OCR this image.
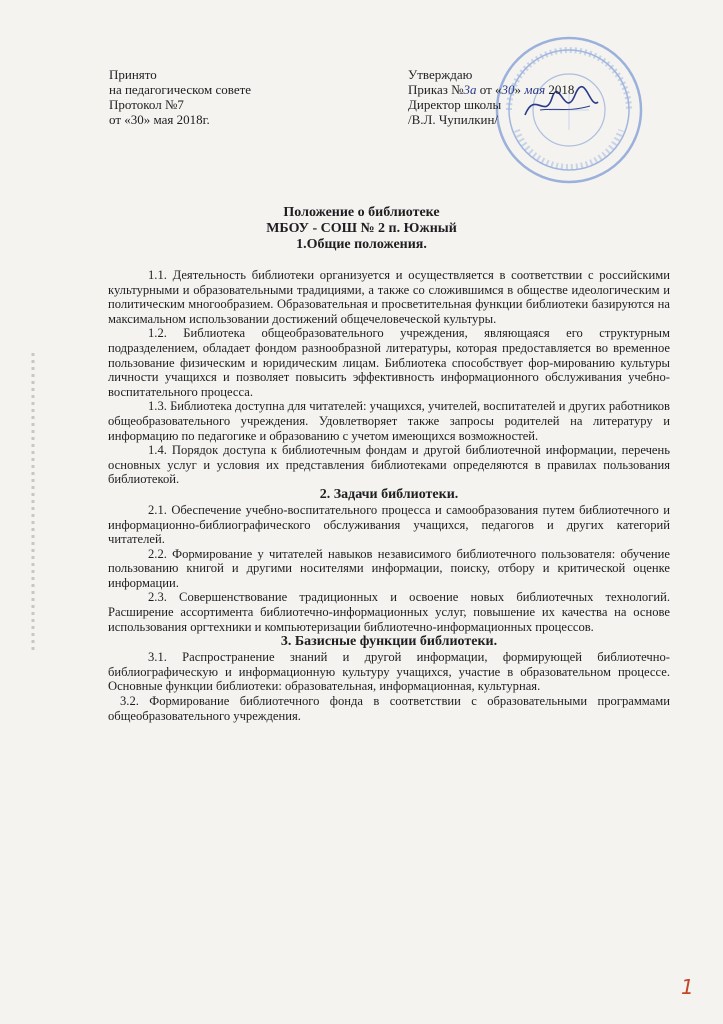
Принято
на педагогическом совете
Протокол №7
от «30» мая 2018г.
Утверждаю
Приказ №3а от «30» мая 2018
Директор школы
/В.Л. Чупилкин/
Положение о библиотеке
МБОУ - СОШ № 2 п. Южный
1.Общие положения.

1.1. Деятельность библиотеки организуется и осуществляется в соответствии с российскими культурными и образовательными традициями, а также со сложившимся в обществе идеологическим и политическим многообразием. Образовательная и просветительная функции библиотеки базируются на максимальном использовании достижений общечеловеческой культуры.

1.2. Библиотека общеобразовательного учреждения, являющаяся его структурным подразделением, обладает фондом разнообразной литературы, которая предоставляется во временное пользование физическим и юридическим лицам. Библиотека способствует фор-мированию культуры личности учащихся и позволяет повысить эффективность информационного обслуживания учебно-воспитательного процесса.

1.3. Библиотека доступна для читателей: учащихся, учителей, воспитателей и других работников общеобразовательного учреждения. Удовлетворяет также запросы родителей на литературу и информацию по педагогике и образованию с учетом имеющихся возможностей.

1.4. Порядок доступа к библиотечным фондам и другой библиотечной информации, перечень основных услуг и условия их представления библиотеками определяются в правилах пользования библиотекой.

2. Задачи библиотеки.

2.1. Обеспечение учебно-воспитательного процесса и самообразования путем библиотечного и информационно-библиографического обслуживания учащихся, педагогов и других категорий читателей.

2.2. Формирование у читателей навыков независимого библиотечного пользователя: обучение пользованию книгой и другими носителями информации, поиску, отбору и критической оценке информации.

2.3. Совершенствование традиционных и освоение новых библиотечных технологий. Расширение ассортимента библиотечно-информационных услуг, повышение их качества на основе использования оргтехники и компьютеризации библиотечно-информационных процессов.

3. Базисные функции библиотеки.

3.1. Распространение знаний и другой информации, формирующей библиотечно-библиографическую и информационную культуру учащихся, участие в образовательном процессе. Основные функции библиотеки: образовательная, информационная, культурная.

3.2. Формирование библиотечного фонда в соответствии с образовательными программами общеобразовательного учреждения.

1
